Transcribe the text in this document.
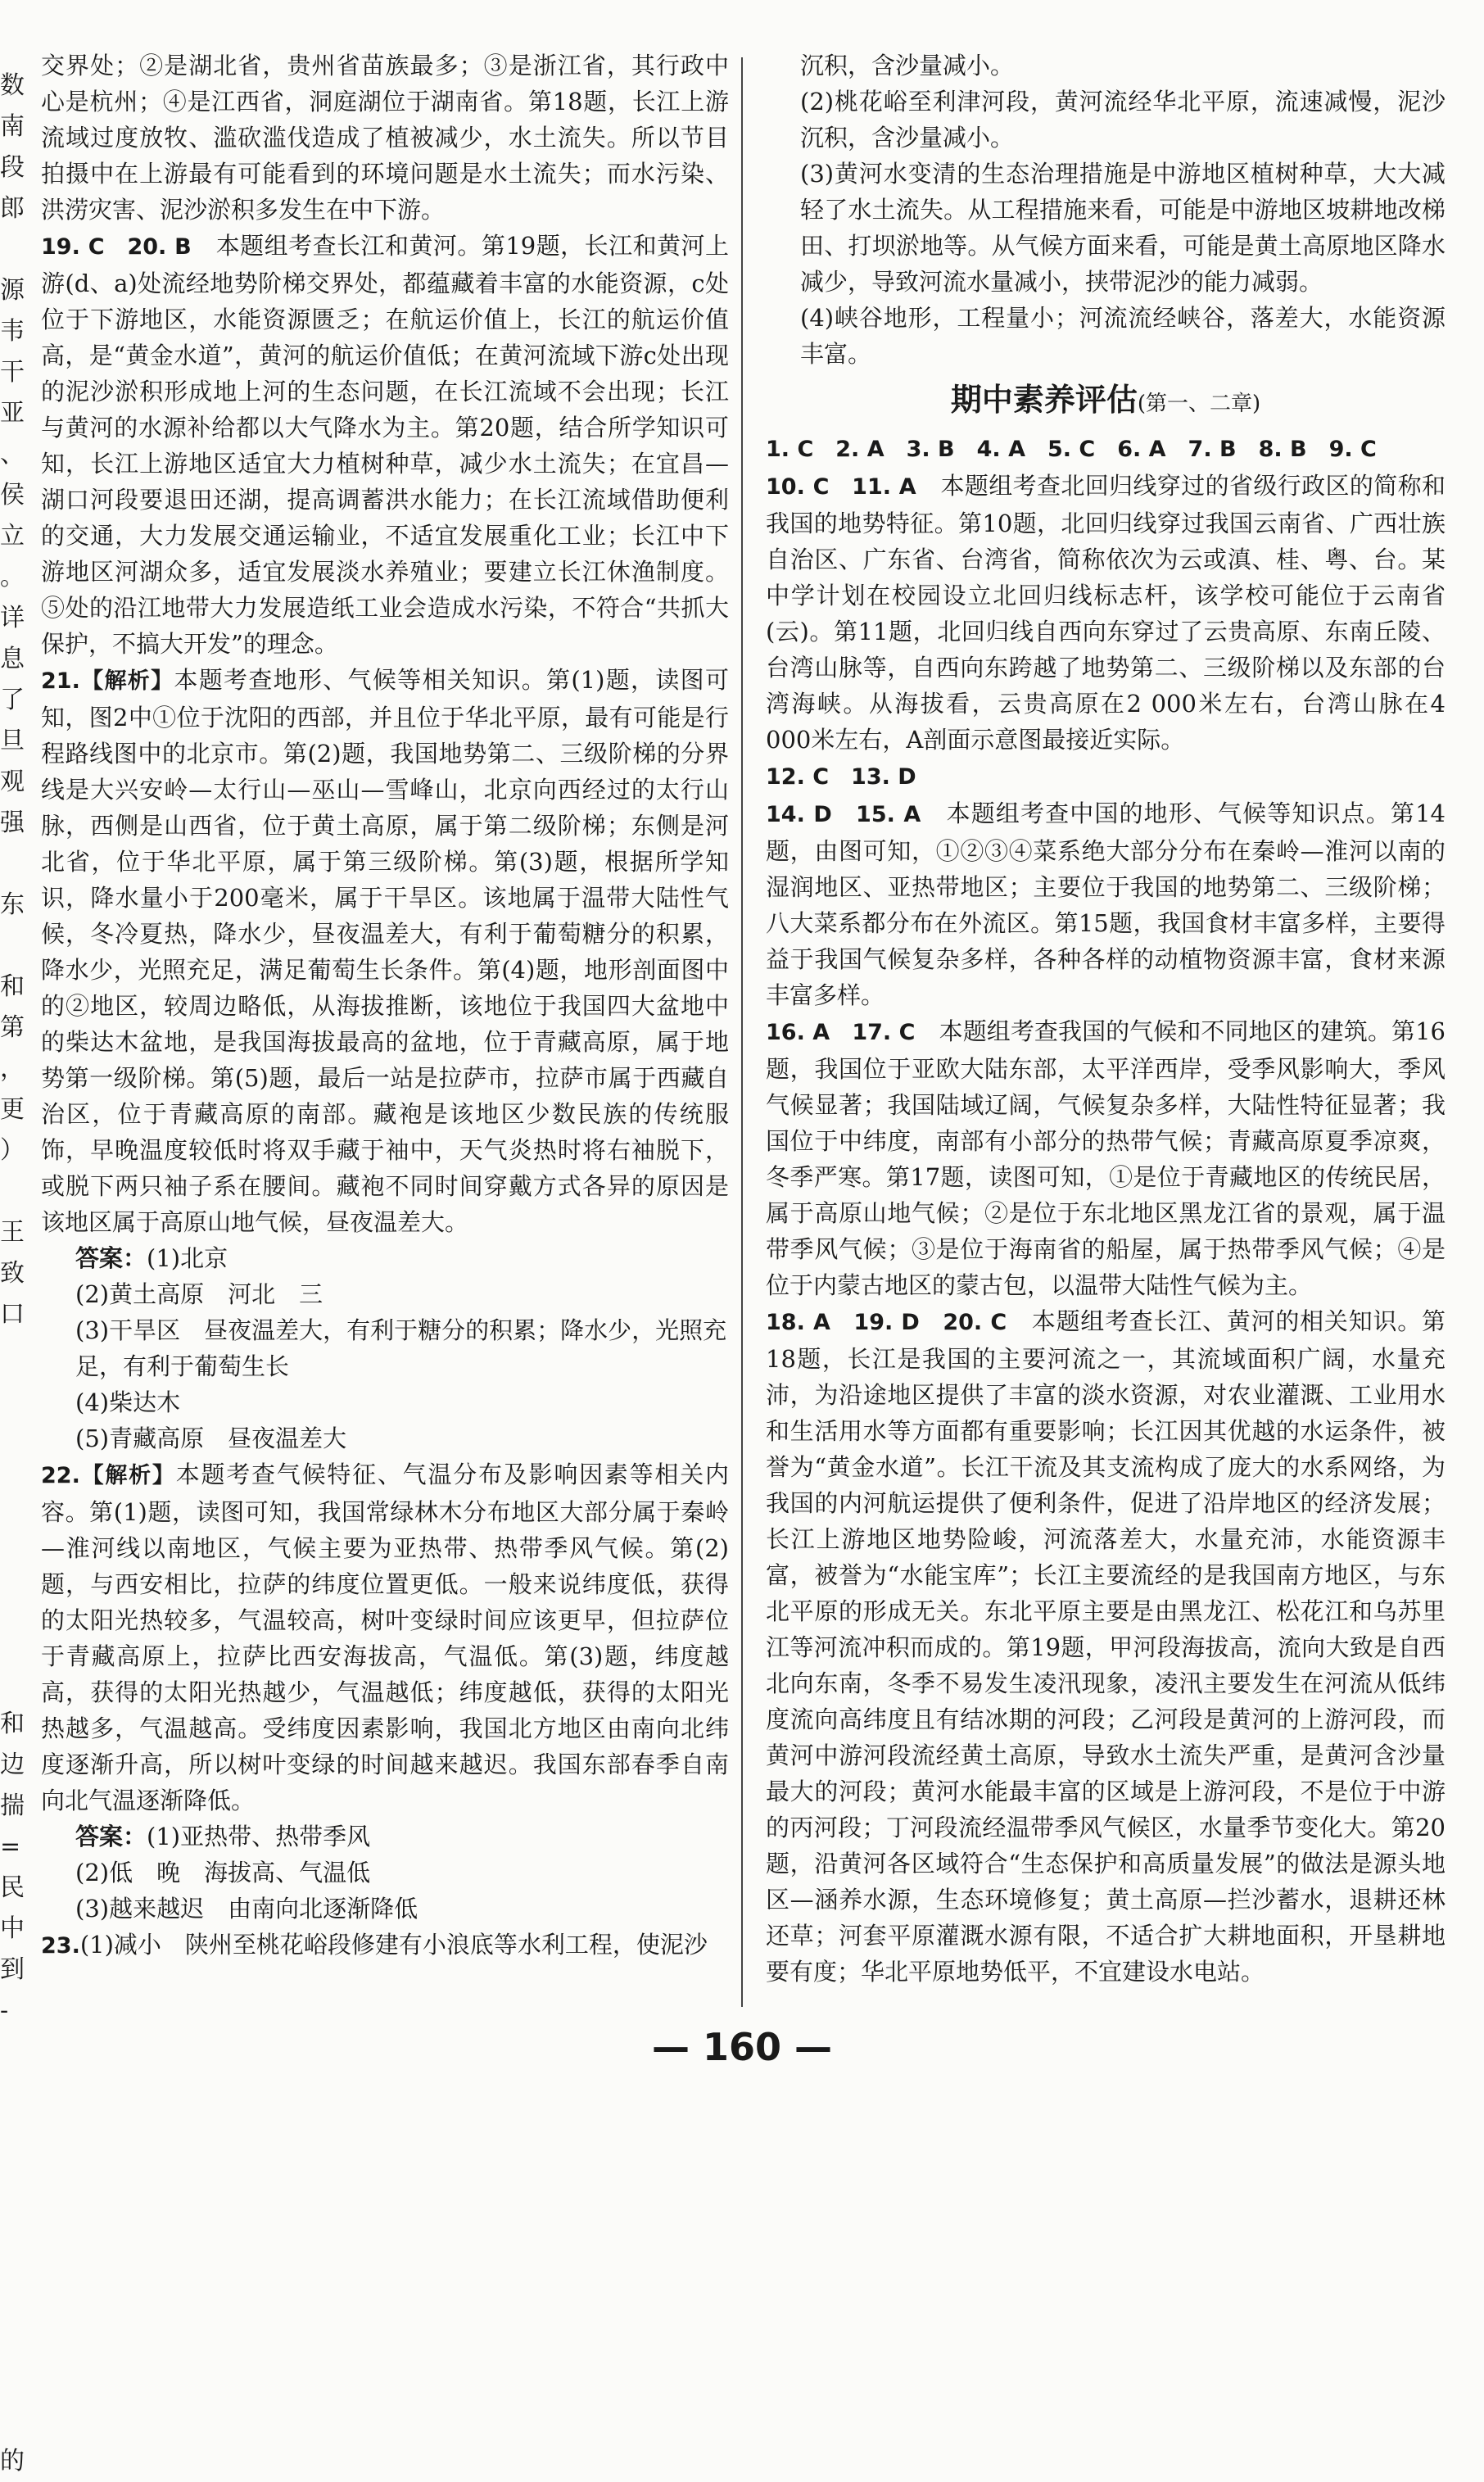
数
南
段
郎
源
韦
干
亚
、
侯
立
。
详
息
了
旦
观
强
东
和
第
，
更
）
王
致
口
和
边
揣
=
民
中
到
-
的

交界处；②是湖北省，贵州省苗族最多；③是浙江省，其行政中心是杭州；④是江西省，洞庭湖位于湖南省。第18题，长江上游流域过度放牧、滥砍滥伐造成了植被减少，水土流失。所以节目拍摄中在上游最有可能看到的环境问题是水土流失；而水污染、洪涝灾害、泥沙淤积多发生在中下游。

19. C　20. B　 本题组考查长江和黄河。第19题，长江和黄河上游(d、a)处流经地势阶梯交界处，都蕴藏着丰富的水能资源，c处位于下游地区，水能资源匮乏；在航运价值上，长江的航运价值高，是“黄金水道”，黄河的航运价值低；在黄河流域下游c处出现的泥沙淤积形成地上河的生态问题，在长江流域不会出现；长江与黄河的水源补给都以大气降水为主。第20题，结合所学知识可知，长江上游地区适宜大力植树种草，减少水土流失；在宜昌—湖口河段要退田还湖，提高调蓄洪水能力；在长江流域借助便利的交通，大力发展交通运输业，不适宜发展重化工业；长江中下游地区河湖众多，适宜发展淡水养殖业；要建立长江休渔制度。⑤处的沿江地带大力发展造纸工业会造成水污染，不符合“共抓大保护，不搞大开发”的理念。

21.【解析】本题考查地形、气候等相关知识。第(1)题，读图可知，图2中①位于沈阳的西部，并且位于华北平原，最有可能是行程路线图中的北京市。第(2)题，我国地势第二、三级阶梯的分界线是大兴安岭—太行山—巫山—雪峰山，北京向西经过的太行山脉，西侧是山西省，位于黄土高原，属于第二级阶梯；东侧是河北省，位于华北平原，属于第三级阶梯。第(3)题，根据所学知识，降水量小于200毫米，属于干旱区。该地属于温带大陆性气候，冬冷夏热，降水少，昼夜温差大，有利于葡萄糖分的积累，降水少，光照充足，满足葡萄生长条件。第(4)题，地形剖面图中的②地区，较周边略低，从海拔推断，该地位于我国四大盆地中的柴达木盆地，是我国海拔最高的盆地，位于青藏高原，属于地势第一级阶梯。第(5)题，最后一站是拉萨市，拉萨市属于西藏自治区，位于青藏高原的南部。藏袍是该地区少数民族的传统服饰，早晚温度较低时将双手藏于袖中，天气炎热时将右袖脱下，或脱下两只袖子系在腰间。藏袍不同时间穿戴方式各异的原因是该地区属于高原山地气候，昼夜温差大。

答案：(1)北京
(2)黄土高原　河北　三
(3)干旱区　昼夜温差大，有利于糖分的积累；降水少，光照充足，有利于葡萄生长
(4)柴达木
(5)青藏高原　昼夜温差大

22.【解析】本题考查气候特征、气温分布及影响因素等相关内容。第(1)题，读图可知，我国常绿林木分布地区大部分属于秦岭—淮河线以南地区，气候主要为亚热带、热带季风气候。第(2)题，与西安相比，拉萨的纬度位置更低。一般来说纬度低，获得的太阳光热较多，气温较高，树叶变绿时间应该更早，但拉萨位于青藏高原上，拉萨比西安海拔高，气温低。第(3)题，纬度越高，获得的太阳光热越少，气温越低；纬度越低，获得的太阳光热越多，气温越高。受纬度因素影响，我国北方地区由南向北纬度逐渐升高，所以树叶变绿的时间越来越迟。我国东部春季自南向北气温逐渐降低。

答案：(1)亚热带、热带季风
(2)低　晚　海拔高、气温低
(3)越来越迟　由南向北逐渐降低

23.(1)减小　陕州至桃花峪段修建有小浪底等水利工程，使泥沙

沉积，含沙量减小。

(2)桃花峪至利津河段，黄河流经华北平原，流速减慢，泥沙沉积，含沙量减小。

(3)黄河水变清的生态治理措施是中游地区植树种草，大大减轻了水土流失。从工程措施来看，可能是中游地区坡耕地改梯田、打坝淤地等。从气候方面来看，可能是黄土高原地区降水减少，导致河流水量减小，挟带泥沙的能力减弱。

(4)峡谷地形，工程量小；河流流经峡谷，落差大，水能资源丰富。

期中素养评估(第一、二章)

1. C　2. A　3. B　4. A　5. C　6. A　7. B　8. B　9. C

10. C　11. A　 本题组考查北回归线穿过的省级行政区的简称和我国的地势特征。第10题，北回归线穿过我国云南省、广西壮族自治区、广东省、台湾省，简称依次为云或滇、桂、粤、台。某中学计划在校园设立北回归线标志杆，该学校可能位于云南省(云)。第11题，北回归线自西向东穿过了云贵高原、东南丘陵、台湾山脉等，自西向东跨越了地势第二、三级阶梯以及东部的台湾海峡。从海拔看，云贵高原在2 000米左右，台湾山脉在4 000米左右，A剖面示意图最接近实际。

12. C　13. D

14. D　15. A　 本题组考查中国的地形、气候等知识点。第14题，由图可知，①②③④菜系绝大部分分布在秦岭—淮河以南的湿润地区、亚热带地区；主要位于我国的地势第二、三级阶梯；八大菜系都分布在外流区。第15题，我国食材丰富多样，主要得益于我国气候复杂多样，各种各样的动植物资源丰富，食材来源丰富多样。

16. A　17. C　 本题组考查我国的气候和不同地区的建筑。第16题，我国位于亚欧大陆东部，太平洋西岸，受季风影响大，季风气候显著；我国陆域辽阔，气候复杂多样，大陆性特征显著；我国位于中纬度，南部有小部分的热带气候；青藏高原夏季凉爽，冬季严寒。第17题，读图可知，①是位于青藏地区的传统民居，属于高原山地气候；②是位于东北地区黑龙江省的景观，属于温带季风气候；③是位于海南省的船屋，属于热带季风气候；④是位于内蒙古地区的蒙古包，以温带大陆性气候为主。

18. A　19. D　20. C　 本题组考查长江、黄河的相关知识。第18题，长江是我国的主要河流之一，其流域面积广阔，水量充沛，为沿途地区提供了丰富的淡水资源，对农业灌溉、工业用水和生活用水等方面都有重要影响；长江因其优越的水运条件，被誉为“黄金水道”。长江干流及其支流构成了庞大的水系网络，为我国的内河航运提供了便利条件，促进了沿岸地区的经济发展；长江上游地区地势险峻，河流落差大，水量充沛，水能资源丰富，被誉为“水能宝库”；长江主要流经的是我国南方地区，与东北平原的形成无关。东北平原主要是由黑龙江、松花江和乌苏里江等河流冲积而成的。第19题，甲河段海拔高，流向大致是自西北向东南，冬季不易发生凌汛现象，凌汛主要发生在河流从低纬度流向高纬度且有结冰期的河段；乙河段是黄河的上游河段，而黄河中游河段流经黄土高原，导致水土流失严重，是黄河含沙量最大的河段；黄河水能最丰富的区域是上游河段，不是位于中游的丙河段；丁河段流经温带季风气候区，水量季节变化大。第20题，沿黄河各区域符合“生态保护和高质量发展”的做法是源头地区—涵养水源，生态环境修复；黄土高原—拦沙蓄水，退耕还林还草；河套平原灌溉水源有限，不适合扩大耕地面积，开垦耕地要有度；华北平原地势低平，不宜建设水电站。

— 160 —
